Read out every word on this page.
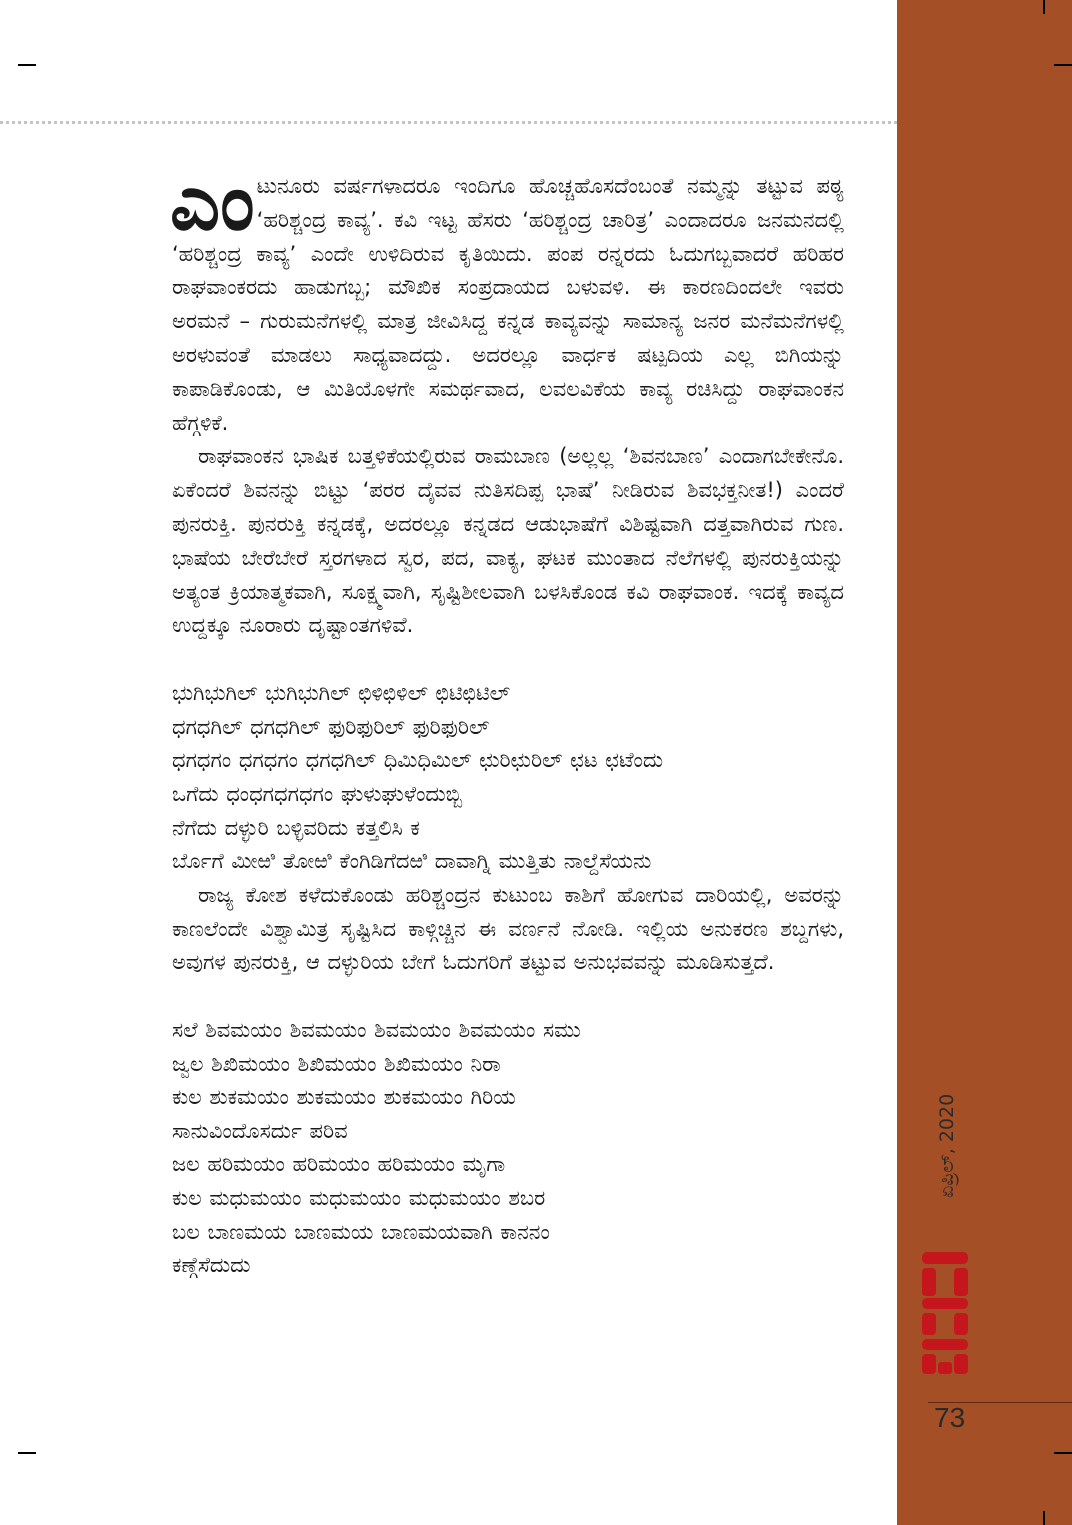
ಎಂಟುನೂರು ವರ್ಷಗಳಾದರೂ ಇಂದಿಗೂ ಹೊಚ್ಚಹೊಸದೆಂಬಂತೆ ನಮ್ಮನ್ನು ತಟ್ಟುವ ಪಠ್ಯ ‘ಹರಿಶ್ಚಂದ್ರ ಕಾವ್ಯ’. ಕವಿ ಇಟ್ಟ ಹೆಸರು ‘ಹರಿಶ್ಚಂದ್ರ ಚಾರಿತ್ರ’ ಎಂದಾದರೂ ಜನಮನದಲ್ಲಿ ‘ಹರಿಶ್ಚಂದ್ರ ಕಾವ್ಯ’ ಎಂದೇ ಉಳಿದಿರುವ ಕೃತಿಯಿದು. ಪಂಪ ರನ್ನರದು ಓದುಗಬ್ಬವಾದರೆ ಹರಿಹರ ರಾಘವಾಂಕರದು ಹಾಡುಗಬ್ಬ; ಮೌಖಿಕ ಸಂಪ್ರದಾಯದ ಬಳುವಳಿ. ಈ ಕಾರಣದಿಂದಲೇ ಇವರು ಅರಮನೆ – ಗುರುಮನೆಗಳಲ್ಲಿ ಮಾತ್ರ ಜೀವಿಸಿದ್ದ ಕನ್ನಡ ಕಾವ್ಯವನ್ನು ಸಾಮಾನ್ಯ ಜನರ ಮನೆಮನೆಗಳಲ್ಲಿ ಅರಳುವಂತೆ ಮಾಡಲು ಸಾಧ್ಯವಾದದ್ದು. ಅದರಲ್ಲೂ ವಾರ್ಧಕ ಷಟ್ಪದಿಯ ಎಲ್ಲ ಬಿಗಿಯನ್ನು ಕಾಪಾಡಿಕೊಂಡು, ಆ ಮಿತಿಯೊಳಗೇ ಸಮರ್ಥವಾದ, ಲವಲವಿಕೆಯ ಕಾವ್ಯ ರಚಿಸಿದ್ದು ರಾಘವಾಂಕನ ಹೆಗ್ಗಳಿಕೆ.

ರಾಘವಾಂಕನ ಭಾಷಿಕ ಬತ್ತಳಿಕೆಯಲ್ಲಿರುವ ರಾಮಬಾಣ (ಅಲ್ಲಲ್ಲ ‘ಶಿವನಬಾಣ’ ಎಂದಾಗಬೇಕೇನೊ. ಏಕೆಂದರೆ ಶಿವನನ್ನು ಬಿಟ್ಟು ‘ಪರರ ದೈವವ ನುತಿಸದಿಪ್ಪ ಭಾಷೆ’ ನೀಡಿರುವ ಶಿವಭಕ್ತನೀತ!) ಎಂದರೆ ಪುನರುಕ್ತಿ. ಪುನರುಕ್ತಿ ಕನ್ನಡಕ್ಕೆ, ಅದರಲ್ಲೂ ಕನ್ನಡದ ಆಡುಭಾಷೆಗೆ ವಿಶಿಷ್ಟವಾಗಿ ದತ್ತವಾಗಿರುವ ಗುಣ. ಭಾಷೆಯ ಬೇರೆಬೇರೆ ಸ್ತರಗಳಾದ ಸ್ವರ, ಪದ, ವಾಕ್ಯ, ಘಟಕ ಮುಂತಾದ ನೆಲೆಗಳಲ್ಲಿ ಪುನರುಕ್ತಿಯನ್ನು ಅತ್ಯಂತ ಕ್ರಿಯಾತ್ಮಕವಾಗಿ, ಸೂಕ್ಷ್ಮವಾಗಿ, ಸೃಷ್ಟಿಶೀಲವಾಗಿ ಬಳಸಿಕೊಂಡ ಕವಿ ರಾಘವಾಂಕ. ಇದಕ್ಕೆ ಕಾವ್ಯದ ಉದ್ದಕ್ಕೂ ನೂರಾರು ದೃಷ್ಟಾಂತಗಳಿವೆ.

ಭುಗಿಭುಗಿಲ್ ಭುಗಿಭುಗಿಲ್ ಛಿಳಿಛಿಳಿಲ್ ಛಿಟಿಛಿಟಿಲ್
ಧಗಧಗಿಲ್ ಧಗಧಗಿಲ್ ಫುರಿಫುರಿಲ್ ಫುರಿಫುರಿಲ್
ಧಗಧಗಂ ಧಗಧಗಂ ಧಗಧಗಿಲ್ ಧಿಮಿಧಿಮಿಲ್ ಛುರಿಛುರಿಲ್ ಛಟ ಛಟೆಂದು
ಒಗೆದು ಧಂಧಗಧಗಧಗಂ ಘುಳುಘುಳೆಂದುಬ್ಬಿ
ನೆಗೆದು ದಳ್ಳುರಿ ಬಳ್ಳಿವರಿದು ಕತ್ತಲಿಸಿ ಕ
ರ್ಬೊಗೆ ಮೀಱಿ ತೋಱಿ ಕೆಂಗಿಡಿಗೆದಱಿ ದಾವಾಗ್ನಿ ಮುತ್ತಿತು ನಾಲ್ದೆಸೆಯನು

ರಾಜ್ಯ ಕೋಶ ಕಳೆದುಕೊಂಡು ಹರಿಶ್ಚಂದ್ರನ ಕುಟುಂಬ ಕಾಶಿಗೆ ಹೋಗುವ ದಾರಿಯಲ್ಲಿ, ಅವರನ್ನು ಕಾಣಲೆಂದೇ ವಿಶ್ವಾಮಿತ್ರ ಸೃಷ್ಟಿಸಿದ ಕಾಳ್ಗಿಚ್ಚಿನ ಈ ವರ್ಣನೆ ನೋಡಿ. ಇಲ್ಲಿಯ ಅನುಕರಣ ಶಬ್ದಗಳು, ಅವುಗಳ ಪುನರುಕ್ತಿ, ಆ ದಳ್ಳುರಿಯ ಬೇಗೆ ಓದುಗರಿಗೆ ತಟ್ಟುವ ಅನುಭವವನ್ನು ಮೂಡಿಸುತ್ತದೆ.

ಸಲೆ ಶಿವಮಯಂ ಶಿವಮಯಂ ಶಿವಮಯಂ ಶಿವಮಯಂ ಸಮು
ಜ್ವಲ ಶಿಖಿಮಯಂ ಶಿಖಿಮಯಂ ಶಿಖಿಮಯಂ ನಿರಾ
ಕುಲ ಶುಕಮಯಂ ಶುಕಮಯಂ ಶುಕಮಯಂ ಗಿರಿಯ
ಸಾನುವಿಂದೊಸರ್ದು ಪರಿವ
ಜಲ ಹರಿಮಯಂ ಹರಿಮಯಂ ಹರಿಮಯಂ ಮೃಗಾ
ಕುಲ ಮಧುಮಯಂ ಮಧುಮಯಂ ಮಧುಮಯಂ ಶಬರ
ಬಲ ಬಾಣಮಯ ಬಾಣಮಯ ಬಾಣಮಯವಾಗಿ ಕಾನನಂ
ಕಣ್ಗೆಸೆದುದು
ಏಪ್ರಿಲ್, 2020
73
